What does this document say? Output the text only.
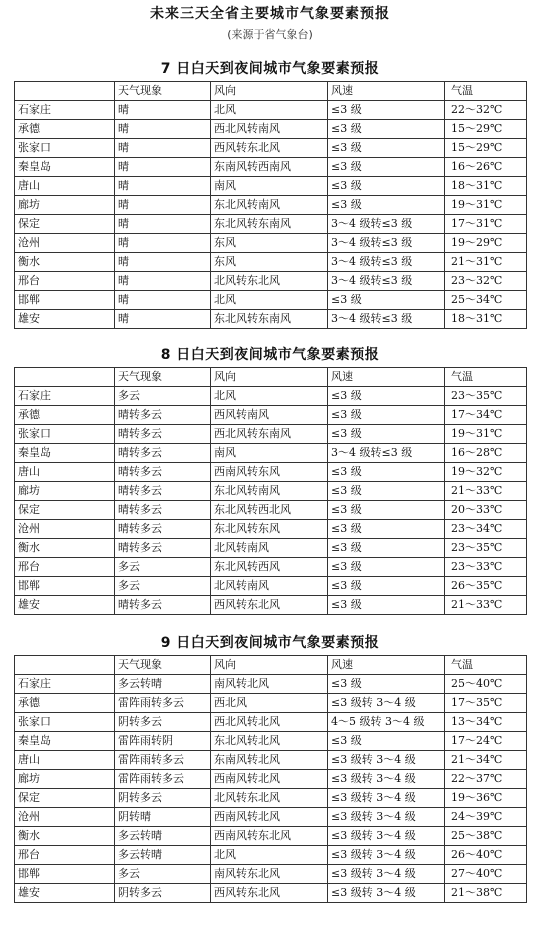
未来三天全省主要城市气象要素预报
(来源于省气象台)
7 日白天到夜间城市气象要素预报
	天气现象	风向	风速	气温
石家庄	晴	北风	≤3 级	22～32℃
承德	晴	西北风转南风	≤3 级	15～29℃
张家口	晴	西风转东北风	≤3 级	15～29℃
秦皇岛	晴	东南风转西南风	≤3 级	16～26℃
唐山	晴	南风	≤3 级	18～31℃
廊坊	晴	东北风转南风	≤3 级	19～31℃
保定	晴	东北风转东南风	3～4 级转≤3 级	17～31℃
沧州	晴	东风	3～4 级转≤3 级	19～29℃
衡水	晴	东风	3～4 级转≤3 级	21～31℃
邢台	晴	北风转东北风	3～4 级转≤3 级	23～32℃
邯郸	晴	北风	≤3 级	25～34℃
雄安	晴	东北风转东南风	3～4 级转≤3 级	18～31℃
8 日白天到夜间城市气象要素预报
	天气现象	风向	风速	气温
石家庄	多云	北风	≤3 级	23～35℃
承德	晴转多云	西风转南风	≤3 级	17～34℃
张家口	晴转多云	西北风转东南风	≤3 级	19～31℃
秦皇岛	晴转多云	南风	3～4 级转≤3 级	16～28℃
唐山	晴转多云	西南风转东风	≤3 级	19～32℃
廊坊	晴转多云	东北风转南风	≤3 级	21～33℃
保定	晴转多云	东北风转西北风	≤3 级	20～33℃
沧州	晴转多云	东北风转东风	≤3 级	23～34℃
衡水	晴转多云	北风转南风	≤3 级	23～35℃
邢台	多云	东北风转西风	≤3 级	23～33℃
邯郸	多云	北风转南风	≤3 级	26～35℃
雄安	晴转多云	西风转东北风	≤3 级	21～33℃
9 日白天到夜间城市气象要素预报
	天气现象	风向	风速	气温
石家庄	多云转晴	南风转北风	≤3 级	25～40℃
承德	雷阵雨转多云	西北风	≤3 级转 3～4 级	17～35℃
张家口	阴转多云	西北风转北风	4～5 级转 3～4 级	13～34℃
秦皇岛	雷阵雨转阴	东北风转北风	≤3 级	17～24℃
唐山	雷阵雨转多云	东南风转北风	≤3 级转 3～4 级	21～34℃
廊坊	雷阵雨转多云	西南风转北风	≤3 级转 3～4 级	22～37℃
保定	阴转多云	北风转东北风	≤3 级转 3～4 级	19～36℃
沧州	阴转晴	西南风转北风	≤3 级转 3～4 级	24～39℃
衡水	多云转晴	西南风转东北风	≤3 级转 3～4 级	25～38℃
邢台	多云转晴	北风	≤3 级转 3～4 级	26～40℃
邯郸	多云	南风转东北风	≤3 级转 3～4 级	27～40℃
雄安	阴转多云	西风转东北风	≤3 级转 3～4 级	21～38℃
